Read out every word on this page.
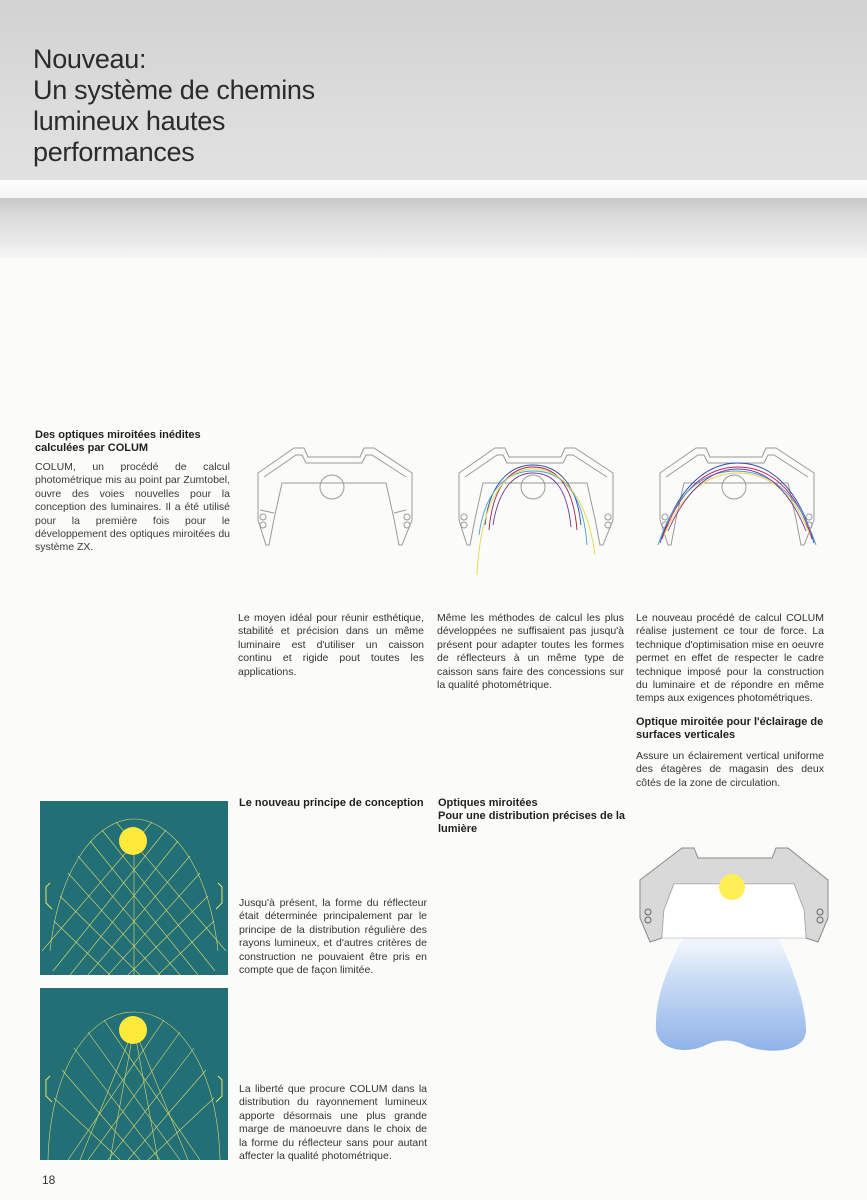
Nouveau:
Un système de chemins
lumineux hautes
performances
Des optiques miroitées inédites calculées par COLUM

COLUM, un procédé de calcul photométrique mis au point par Zumtobel, ouvre des voies nouvelles pour la conception des luminaires. Il a été utilisé pour la première fois pour le développement des optiques miroitées du système ZX.

Le moyen idéal pour réunir esthétique, stabilité et précision dans un même luminaire est d'utiliser un caisson continu et rigide pout toutes les applications.

Même les méthodes de calcul les plus développées ne suffisaient pas jusqu'à présent pour adapter toutes les formes de réflecteurs à un même type de caisson sans faire des concessions sur la qualité photométrique.

Le nouveau procédé de calcul COLUM réalise justement ce tour de force. La technique d'optimisation mise en oeuvre permet en effet de respecter le cadre technique imposé pour la construction du luminaire et de répondre en même temps aux exigences photométriques.

Optique miroitée pour l'éclairage de surfaces verticales

Assure un éclairement vertical uniforme des étagères de magasin des deux côtés de la zone de circulation.

Le nouveau principe de conception	Optiques miroitées
Pour une distribution précises de la lumière

Jusqu'à présent, la forme du réflecteur était déterminée principalement par le principe de la distribution régulière des rayons lumineux, et d'autres critères de construction ne pouvaient être pris en compte que de façon limitée.

La liberté que procure COLUM dans la distribution du rayonnement lumineux apporte désormais une plus grande marge de manoeuvre dans le choix de la forme du réflecteur sans pour autant affecter la qualité photométrique.

18
